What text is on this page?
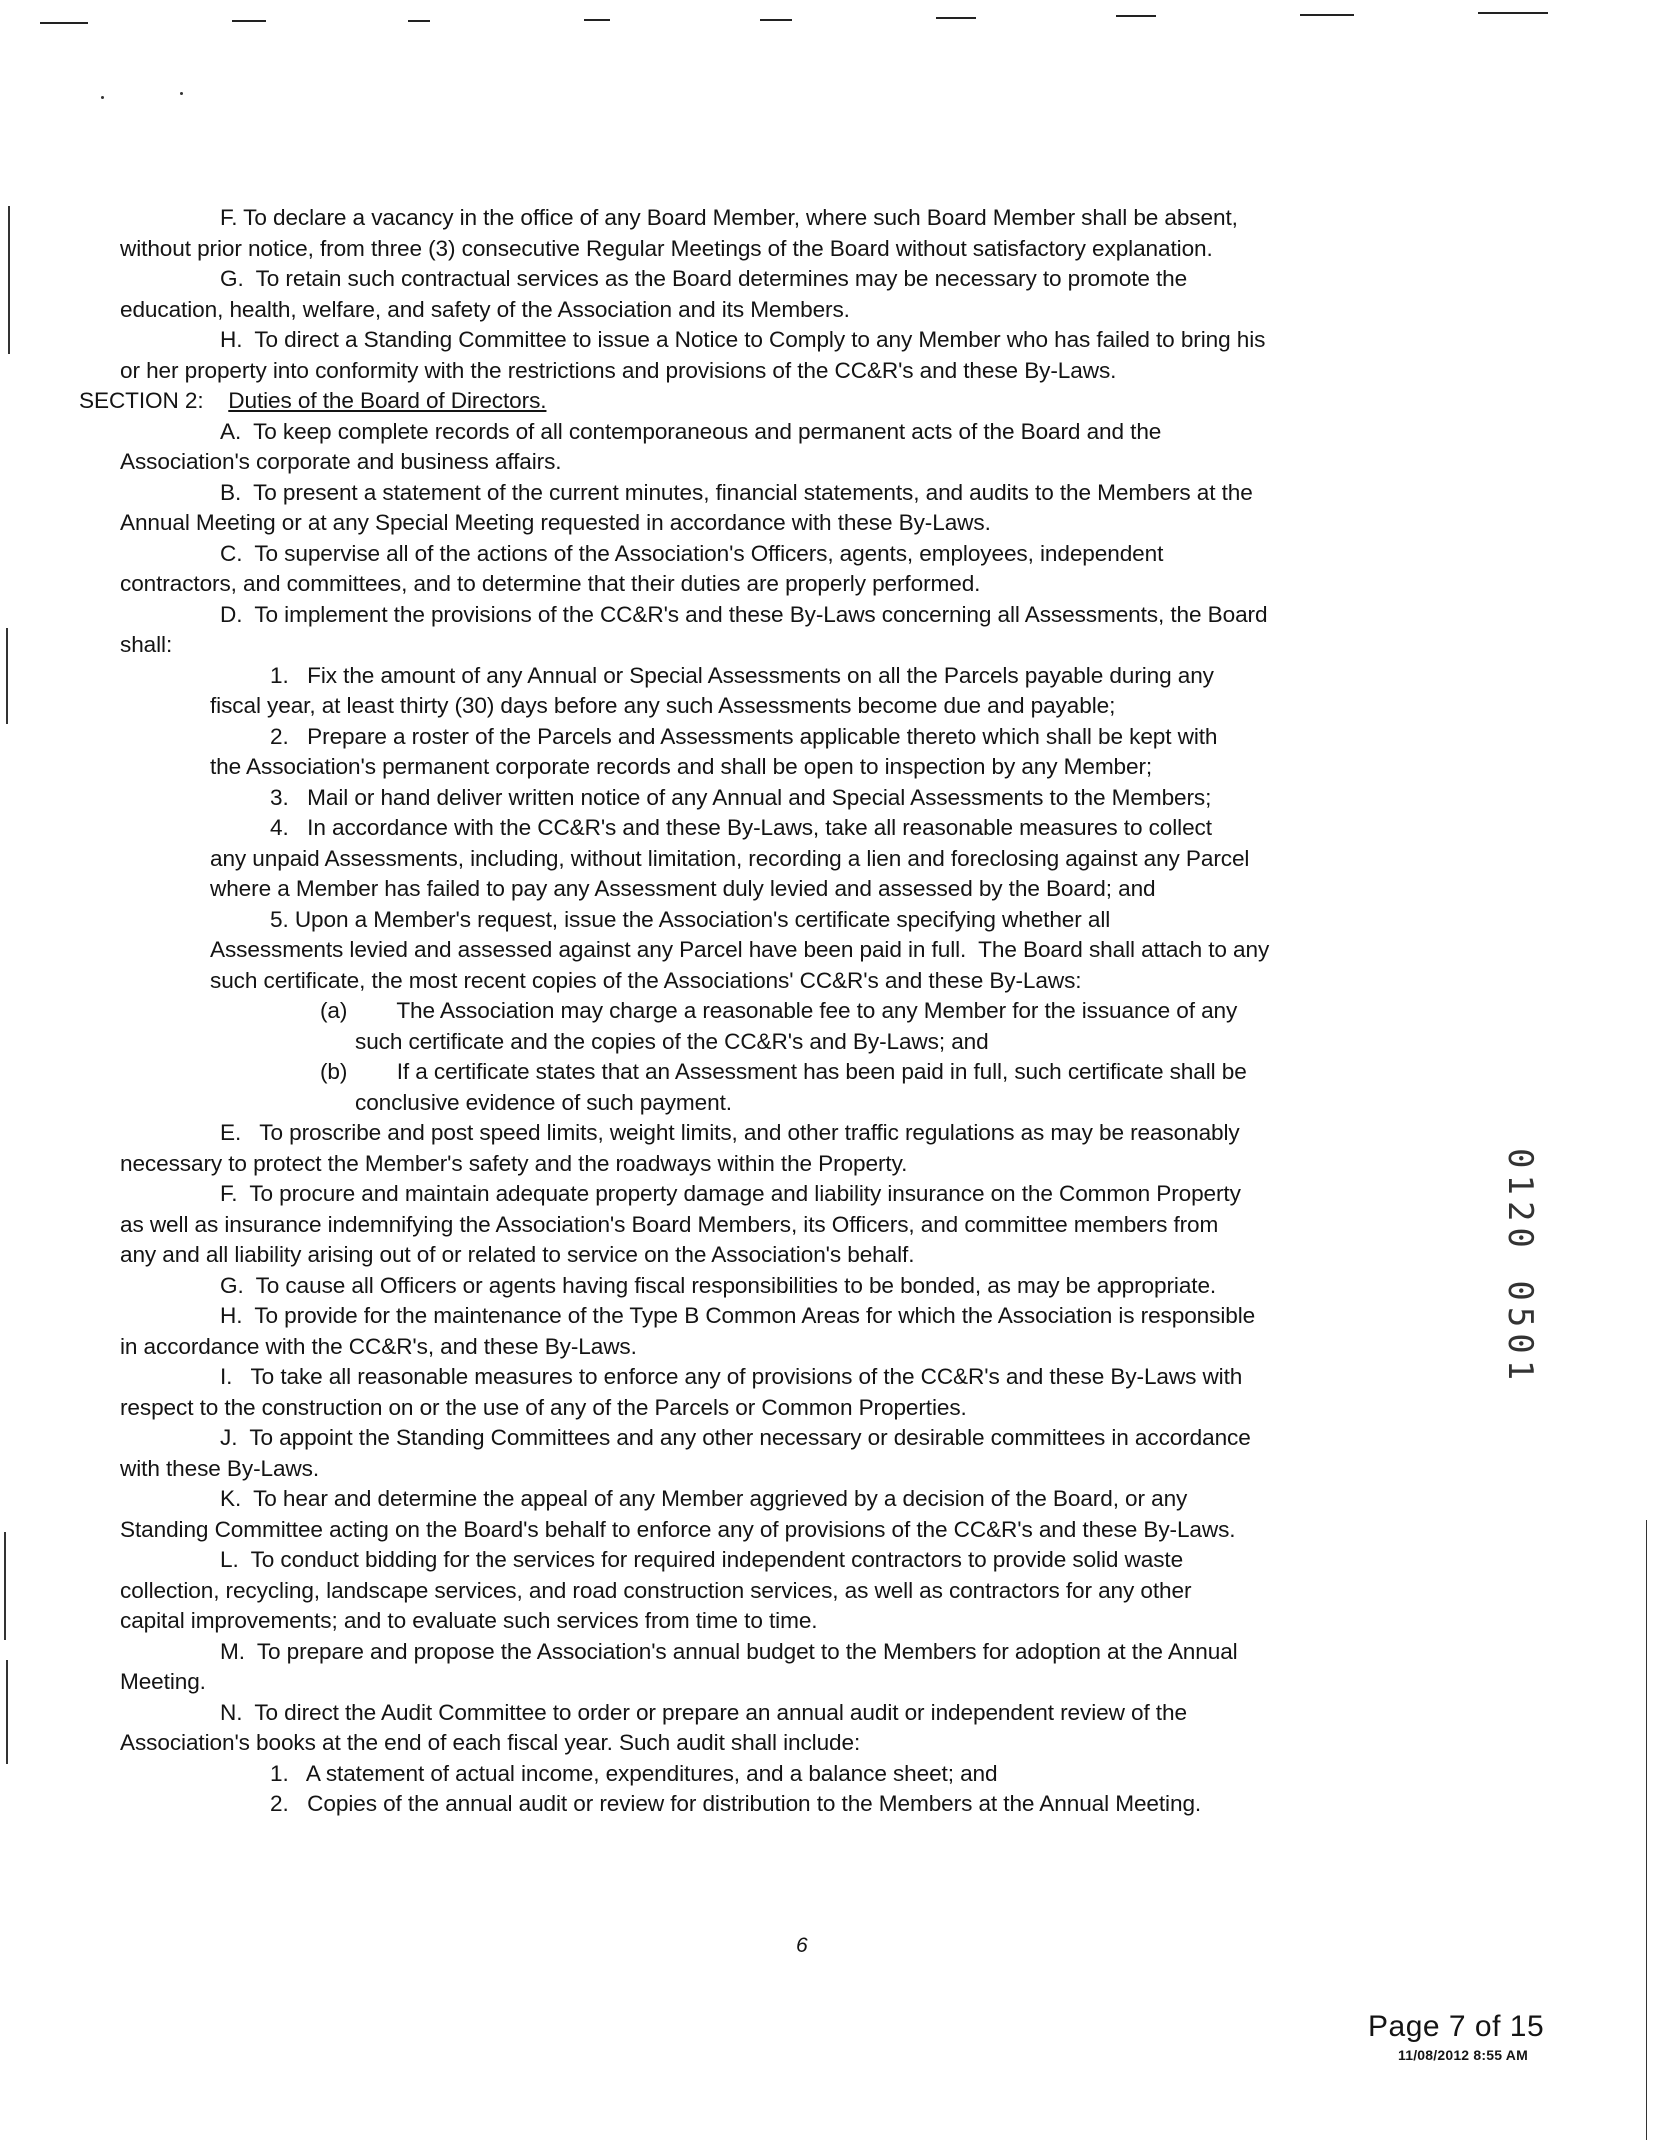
F. To declare a vacancy in the office of any Board Member, where such Board Member shall be absent,
without prior notice, from three (3) consecutive Regular Meetings of the Board without satisfactory explanation.
G.  To retain such contractual services as the Board determines may be necessary to promote the
education, health, welfare, and safety of the Association and its Members.
H.  To direct a Standing Committee to issue a Notice to Comply to any Member who has failed to bring his
or her property into conformity with the restrictions and provisions of the CC&R's and these By-Laws.
SECTION 2: Duties of the Board of Directors.
A.  To keep complete records of all contemporaneous and permanent acts of the Board and the
Association's corporate and business affairs.
B.  To present a statement of the current minutes, financial statements, and audits to the Members at the
Annual Meeting or at any Special Meeting requested in accordance with these By-Laws.
C.  To supervise all of the actions of the Association's Officers, agents, employees, independent
contractors, and committees, and to determine that their duties are properly performed.
D.  To implement the provisions of the CC&R's and these By-Laws concerning all Assessments, the Board
shall:
1.   Fix the amount of any Annual or Special Assessments on all the Parcels payable during any
fiscal year, at least thirty (30) days before any such Assessments become due and payable;
2.   Prepare a roster of the Parcels and Assessments applicable thereto which shall be kept with
the Association's permanent corporate records and shall be open to inspection by any Member;
3.   Mail or hand deliver written notice of any Annual and Special Assessments to the Members;
4.   In accordance with the CC&R's and these By-Laws, take all reasonable measures to collect
any unpaid Assessments, including, without limitation, recording a lien and foreclosing against any Parcel
where a Member has failed to pay any Assessment duly levied and assessed by the Board; and
5. Upon a Member's request, issue the Association's certificate specifying whether all
Assessments levied and assessed against any Parcel have been paid in full.  The Board shall attach to any
such certificate, the most recent copies of the Associations' CC&R's and these By-Laws:
(a)        The Association may charge a reasonable fee to any Member for the issuance of any
such certificate and the copies of the CC&R's and By-Laws; and
(b)        If a certificate states that an Assessment has been paid in full, such certificate shall be
conclusive evidence of such payment.
E.   To proscribe and post speed limits, weight limits, and other traffic regulations as may be reasonably
necessary to protect the Member's safety and the roadways within the Property.
F.  To procure and maintain adequate property damage and liability insurance on the Common Property
as well as insurance indemnifying the Association's Board Members, its Officers, and committee members from
any and all liability arising out of or related to service on the Association's behalf.
G.  To cause all Officers or agents having fiscal responsibilities to be bonded, as may be appropriate.
H.  To provide for the maintenance of the Type B Common Areas for which the Association is responsible
in accordance with the CC&R's, and these By-Laws.
I.   To take all reasonable measures to enforce any of provisions of the CC&R's and these By-Laws with
respect to the construction on or the use of any of the Parcels or Common Properties.
J.  To appoint the Standing Committees and any other necessary or desirable committees in accordance
with these By-Laws.
K.  To hear and determine the appeal of any Member aggrieved by a decision of the Board, or any
Standing Committee acting on the Board's behalf to enforce any of provisions of the CC&R's and these By-Laws.
L.  To conduct bidding for the services for required independent contractors to provide solid waste
collection, recycling, landscape services, and road construction services, as well as contractors for any other
capital improvements; and to evaluate such services from time to time.
M.  To prepare and propose the Association's annual budget to the Members for adoption at the Annual
Meeting.
N.  To direct the Audit Committee to order or prepare an annual audit or independent review of the
Association's books at the end of each fiscal year. Such audit shall include:
1.   A statement of actual income, expenditures, and a balance sheet; and
2.   Copies of the annual audit or review for distribution to the Members at the Annual Meeting.
6
Page 7 of 15
11/08/2012 8:55 AM
0120 0501
